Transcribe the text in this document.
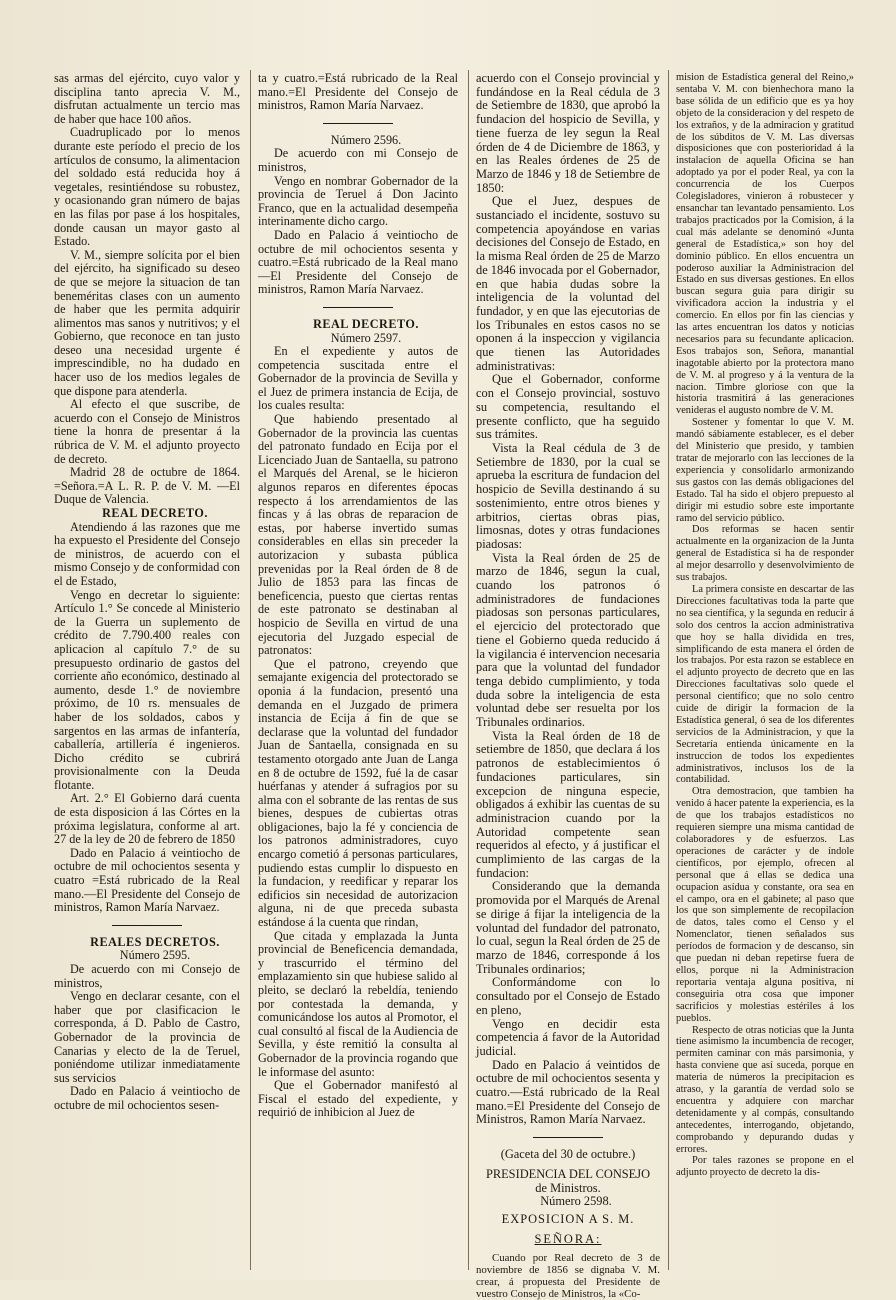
sas armas del ejército, cuyo valor y disciplina tanto aprecia V. M., disfrutan actualmente un tercio mas de haber que hace 100 años.

Cuadruplicado por lo menos durante este período el precio de los artículos de consumo, la alimentacion del soldado está reducida hoy á vegetales, resintiéndose su robustez, y ocasionando gran número de bajas en las filas por pase á los hospitales, donde causan un mayor gasto al Estado.

V. M., siempre solícita por el bien del ejército, ha significado su deseo de que se mejore la situacion de tan beneméritas clases con un aumento de haber que les permita adquirir alimentos mas sanos y nutritivos; y el Gobierno, que reconoce en tan justo deseo una necesidad urgente é imprescindible, no ha dudado en hacer uso de los medios legales de que dispone para atenderla.

Al efecto el que suscribe, de acuerdo con el Consejo de Ministros tiene la honra de presentar á la rúbrica de V. M. el adjunto proyecto de decreto.

Madrid 28 de octubre de 1864. =Señora.=A L. R. P. de V. M. —El Duque de Valencia.

REAL DECRETO.

Atendiendo á las razones que me ha expuesto el Presidente del Consejo de ministros, de acuerdo con el mismo Consejo y de conformidad con el de Estado,

Vengo en decretar lo siguiente: Artículo 1.° Se concede al Ministerio de la Guerra un suplemento de crédito de 7.790.400 reales con aplicacion al capítulo 7.° de su presupuesto ordinario de gastos del corriente año económico, destinado al aumento, desde 1.° de noviembre próximo, de 10 rs. mensuales de haber de los soldados, cabos y sargentos en las armas de infantería, caballería, artillería é ingenieros. Dicho crédito se cubrirá provisionalmente con la Deuda flotante.

Art. 2.° El Gobierno dará cuenta de esta disposicion á las Córtes en la próxima legislatura, conforme al art. 27 de la ley de 20 de febrero de 1850

Dado en Palacio á veintiocho de octubre de mil ochocientos sesenta y cuatro =Está rubricado de la Real mano.—El Presidente del Consejo de ministros, Ramon María Narvaez.

REALES DECRETOS.

Número 2595.

De acuerdo con mi Consejo de ministros,

Vengo en declarar cesante, con el haber que por clasificacion le corresponda, á D. Pablo de Castro, Gobernador de la provincia de Canarias y electo de la de Teruel, poniéndome utilizar inmediatamente sus servicios

Dado en Palacio á veintiocho de octubre de mil ochocientos sesen-

ta y cuatro.=Está rubricado de la Real mano.=El Presidente del Consejo de ministros, Ramon María Narvaez.

Número 2596.

De acuerdo con mi Consejo de ministros,

Vengo en nombrar Gobernador de la provincia de Teruel á Don Jacinto Franco, que en la actualidad desempeña interinamente dicho cargo.

Dado en Palacio á veintiocho de octubre de mil ochocientos sesenta y cuatro.=Está rubricado de la Real mano —El Presidente del Consejo de ministros, Ramon María Narvaez.

REAL DECRETO.

Número 2597.

En el expediente y autos de competencia suscitada entre el Gobernador de la provincia de Sevilla y el Juez de primera instancia de Ecija, de los cuales resulta:

Que habiendo presentado al Gobernador de la provincia las cuentas del patronato fundado en Ecija por el Licenciado Juan de Santaella, su patrono el Marqués del Arenal, se le hicieron algunos reparos en diferentes épocas respecto á los arrendamientos de las fincas y á las obras de reparacion de estas, por haberse invertido sumas considerables en ellas sin preceder la autorizacion y subasta pública prevenidas por la Real órden de 8 de Julio de 1853 para las fincas de beneficencia, puesto que ciertas rentas de este patronato se destinaban al hospicio de Sevilla en virtud de una ejecutoria del Juzgado especial de patronatos:

Que el patrono, creyendo que semajante exigencia del protectorado se oponia á la fundacion, presentó una demanda en el Juzgado de primera instancia de Ecija á fin de que se declarase que la voluntad del fundador Juan de Santaella, consignada en su testamento otorgado ante Juan de Langa en 8 de octubre de 1592, fué la de casar huérfanas y atender á sufragios por su alma con el sobrante de las rentas de sus bienes, despues de cubiertas otras obligaciones, bajo la fé y conciencia de los patronos administradores, cuyo encargo cometió á personas particulares, pudiendo estas cumplir lo dispuesto en la fundacion, y reedificar y reparar los edificios sin necesidad de autorizacion alguna, ni de que preceda subasta estándose á la cuenta que rindan,

Que citada y emplazada la Junta provincial de Beneficencia demandada, y trascurrido el término del emplazamiento sin que hubiese salido al pleito, se declaró la rebeldía, teniendo por contestada la demanda, y comunicándose los autos al Promotor, el cual consultó al fiscal de la Audiencia de Sevilla, y éste remitió la consulta al Gobernador de la provincia rogando que le informase del asunto:

Que el Gobernador manifestó al Fiscal el estado del expediente, y requirió de inhibicion al Juez de

acuerdo con el Consejo provincial y fundándose en la Real cédula de 3 de Setiembre de 1830, que aprobó la fundacion del hospicio de Sevilla, y tiene fuerza de ley segun la Real órden de 4 de Diciembre de 1863, y en las Reales órdenes de 25 de Marzo de 1846 y 18 de Setiembre de 1850:

Que el Juez, despues de sustanciado el incidente, sostuvo su competencia apoyándose en varias decisiones del Consejo de Estado, en la misma Real órden de 25 de Marzo de 1846 invocada por el Gobernador, en que habia dudas sobre la inteligencia de la voluntad del fundador, y en que las ejecutorias de los Tribunales en estos casos no se oponen á la inspeccion y vigilancia que tienen las Autoridades administrativas:

Que el Gobernador, conforme con el Consejo provincial, sostuvo su competencia, resultando el presente conflicto, que ha seguido sus trámites.

Vista la Real cédula de 3 de Setiembre de 1830, por la cual se aprueba la escritura de fundacion del hospicio de Sevilla destinando á su sostenimiento, entre otros bienes y arbitrios, ciertas obras pias, limosnas, dotes y otras fundaciones piadosas:

Vista la Real órden de 25 de marzo de 1846, segun la cual, cuando los patronos ó administradores de fundaciones piadosas son personas particulares, el ejercicio del protectorado que tiene el Gobierno queda reducido á la vigilancia é intervencion necesaria para que la voluntad del fundador tenga debido cumplimiento, y toda duda sobre la inteligencia de esta voluntad debe ser resuelta por los Tribunales ordinarios.

Vista la Real órden de 18 de setiembre de 1850, que declara á los patronos de establecimientos ó fundaciones particulares, sin excepcion de ninguna especie, obligados á exhibir las cuentas de su administracion cuando por la Autoridad competente sean requeridos al efecto, y á justificar el cumplimiento de las cargas de la fundacion:

Considerando que la demanda promovida por el Marqués de Arenal se dirige á fijar la inteligencia de la voluntad del fundador del patronato, lo cual, segun la Real órden de 25 de marzo de 1846, corresponde á los Tribunales ordinarios;

Conformándome con lo consultado por el Consejo de Estado en pleno,

Vengo en decidir esta competencia á favor de la Autoridad judicial.

Dado en Palacio á veintidos de octubre de mil ochocientos sesenta y cuatro.—Está rubricado de la Real mano.=El Presidente del Consejo de Ministros, Ramon María Narvaez.

(Gaceta del 30 de octubre.)

PRESIDENCIA DEL CONSEJO

de Ministros.

Número 2598.

EXPOSICION A S. M.

SEÑORA:

Cuando por Real decreto de 3 de noviembre de 1856 se dignaba V. M. crear, á propuesta del Presidente de vuestro Consejo de Ministros, la «Co-

mision de Estadística general del Reino,» sentaba V. M. con bienhechora mano la base sólida de un edificio que es ya hoy objeto de la consideracion y del respeto de los extraños, y de la admiracion y gratitud de los súbditos de V. M. Las diversas disposiciones que con posterioridad á la instalacion de aquella Oficina se han adoptado ya por el poder Real, ya con la concurrencia de los Cuerpos Colegisladores, vinieron á robustecer y ensanchar tan levantado pensamiento. Los trabajos practicados por la Comision, á la cual más adelante se denominó «Junta general de Estadística,» son hoy del dominio público. En ellos encuentra un poderoso auxiliar la Administracion del Estado en sus diversas gestiones. En ellos buscan segura guia para dirigir su vivificadora accion la industria y el comercio. En ellos por fin las ciencias y las artes encuentran los datos y noticias necesarios para su fecundante aplicacion. Esos trabajos son, Señora, manantial inagotable abierto por la protectora mano de V. M. al progreso y á la ventura de la nacion. Timbre gloriose con que la historia trasmitirá á las generaciones venideras el augusto nombre de V. M.

Sostener y fomentar lo que V. M. mandó sábiamente establecer, es el deber del Ministerio que presido, y tambien tratar de mejorarlo con las lecciones de la experiencia y consolidarlo armonizando sus gastos con las demás obligaciones del Estado. Tal ha sido el objero prepuesto al dirigir mi estudio sobre este importante ramo del servicio público.

Dos reformas se hacen sentir actualmente en la organizacion de la Junta general de Estadística si ha de responder al mejor desarrollo y desenvolvimiento de sus trabajos.

La primera consiste en descartar de las Direcciones facultativas toda la parte que no sea científica, y la segunda en reducir á solo dos centros la accion administrativa que hoy se halla dividida en tres, simplificando de esta manera el órden de los trabajos. Por esta razon se establece en el adjunto proyecto de decreto que en las Direcciones facultativas solo quede el personal científico; que no solo centro cuide de dirigir la formacion de la Estadística general, ó sea de los diferentes servicios de la Administracion, y que la Secretaría entienda únicamente en la instruccion de todos los expedientes administrativos, inclusos los de la contabilidad.

Otra demostracion, que tambien ha venido á hacer patente la experiencia, es la de que los trabajos estadísticos no requieren siempre una misma cantidad de colaboradores y de esfuerzos. Las operaciones de carácter y de índole científicos, por ejemplo, ofrecen al personal que á ellas se dedica una ocupacion asídua y constante, ora sea en el campo, ora en el gabinete; al paso que los que son simplemente de recopilacion de datos, tales como el Censo y el Nomenclator, tienen señalados sus períodos de formacion y de descanso, sin que puedan ni deban repetirse fuera de ellos, porque ni la Administracion reportaria ventaja alguna positiva, ni conseguiria otra cosa que imponer sacrificios y molestias estériles á los pueblos.

Respecto de otras noticias que la Junta tiene asimismo la incumbencia de recoger, permiten caminar con más parsimonia, y hasta conviene que así suceda, porque en materia de números la precipitacion es atraso, y la garantía de verdad solo se encuentra y adquiere con marchar detenidamente y al compás, consultando antecedentes, interrogando, objetando, comprobando y depurando dudas y errores.

Por tales razones se propone en el adjunto proyecto de decreto la dis-
